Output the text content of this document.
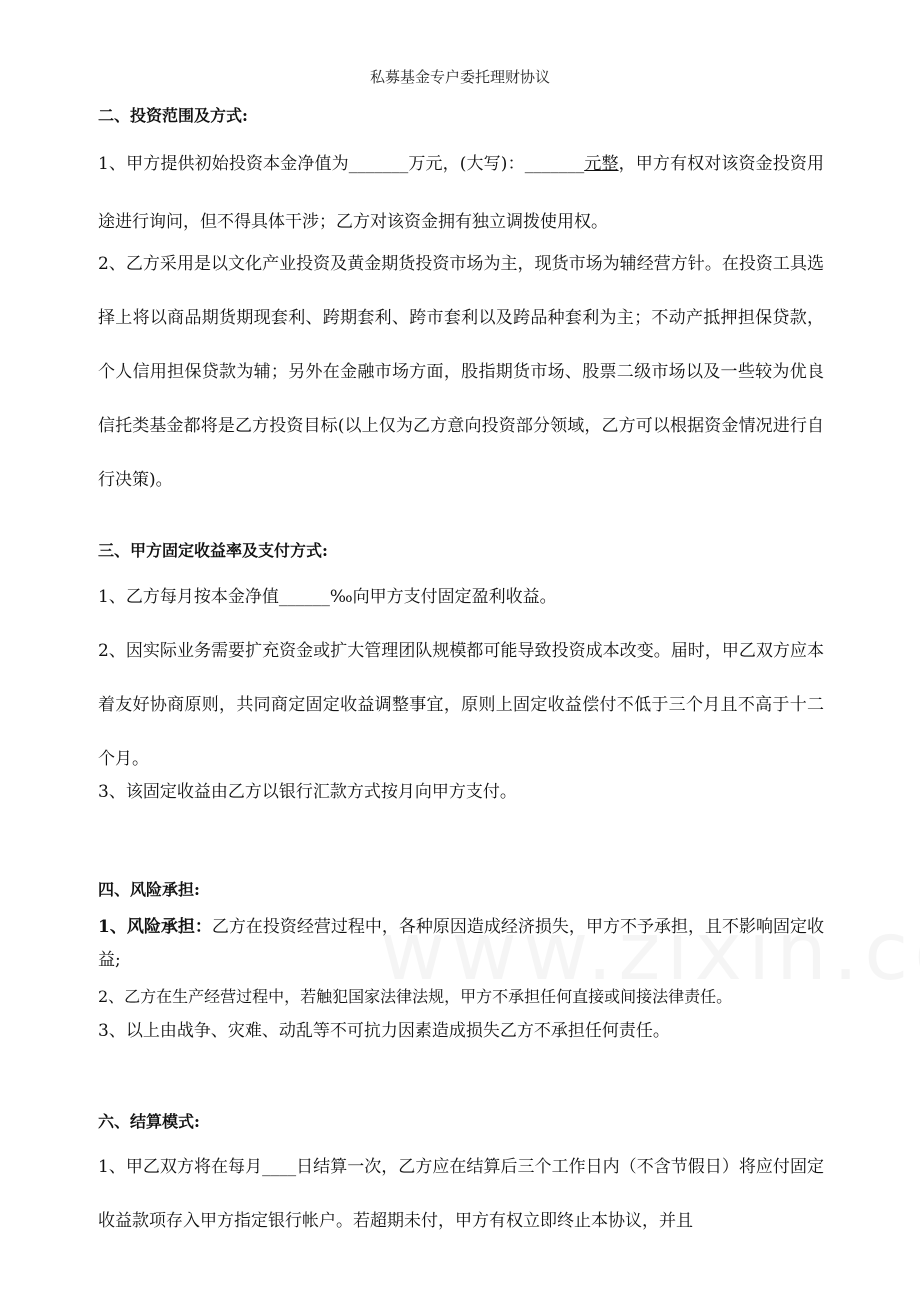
私募基金专户委托理财协议
二、投资范围及方式:
1、甲方提供初始投资本金净值为_______万元，(大写)：_______元整，甲方有权对该资金投资用途进行询问，但不得具体干涉；乙方对该资金拥有独立调拨使用权。
2、乙方采用是以文化产业投资及黄金期货投资市场为主，现货市场为辅经营方针。在投资工具选择上将以商品期货期现套利、跨期套利、跨市套利以及跨品种套利为主；不动产抵押担保贷款，个人信用担保贷款为辅；另外在金融市场方面，股指期货市场、股票二级市场以及一些较为优良信托类基金都将是乙方投资目标(以上仅为乙方意向投资部分领域，乙方可以根据资金情况进行自行决策)。
三、甲方固定收益率及支付方式:
1、乙方每月按本金净值______‰向甲方支付固定盈利收益。
2、因实际业务需要扩充资金或扩大管理团队规模都可能导致投资成本改变。届时，甲乙双方应本着友好协商原则，共同商定固定收益调整事宜，原则上固定收益偿付不低于三个月且不高于十二个月。
3、该固定收益由乙方以银行汇款方式按月向甲方支付。
四、风险承担:
1、风险承担：乙方在投资经营过程中，各种原因造成经济损失，甲方不予承担，且不影响固定收益;
2、乙方在生产经营过程中，若触犯国家法律法规，甲方不承担任何直接或间接法律责任。
3、以上由战争、灾难、动乱等不可抗力因素造成损失乙方不承担任何责任。
六、结算模式:
1、甲乙双方将在每月____日结算一次，乙方应在结算后三个工作日内（不含节假日）将应付固定收益款项存入甲方指定银行帐户。若超期未付，甲方有权立即终止本协议，并且
